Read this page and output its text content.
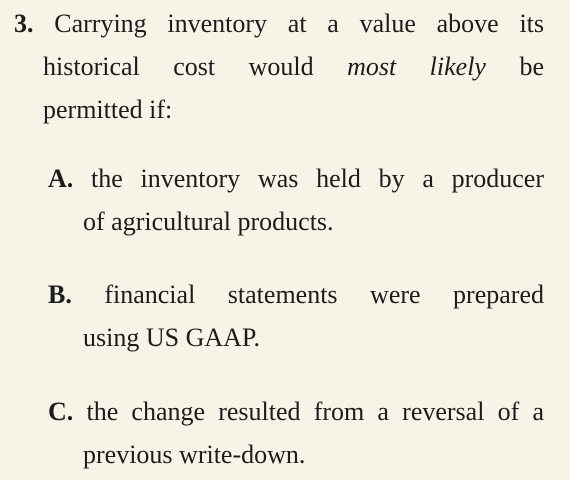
3. Carrying inventory at a value above its
historical cost would most likely be
permitted if:
A. the inventory was held by a producer
of agricultural products.
B. financial statements were prepared
using US GAAP.
C. the change resulted from a reversal of a
previous write-down.
